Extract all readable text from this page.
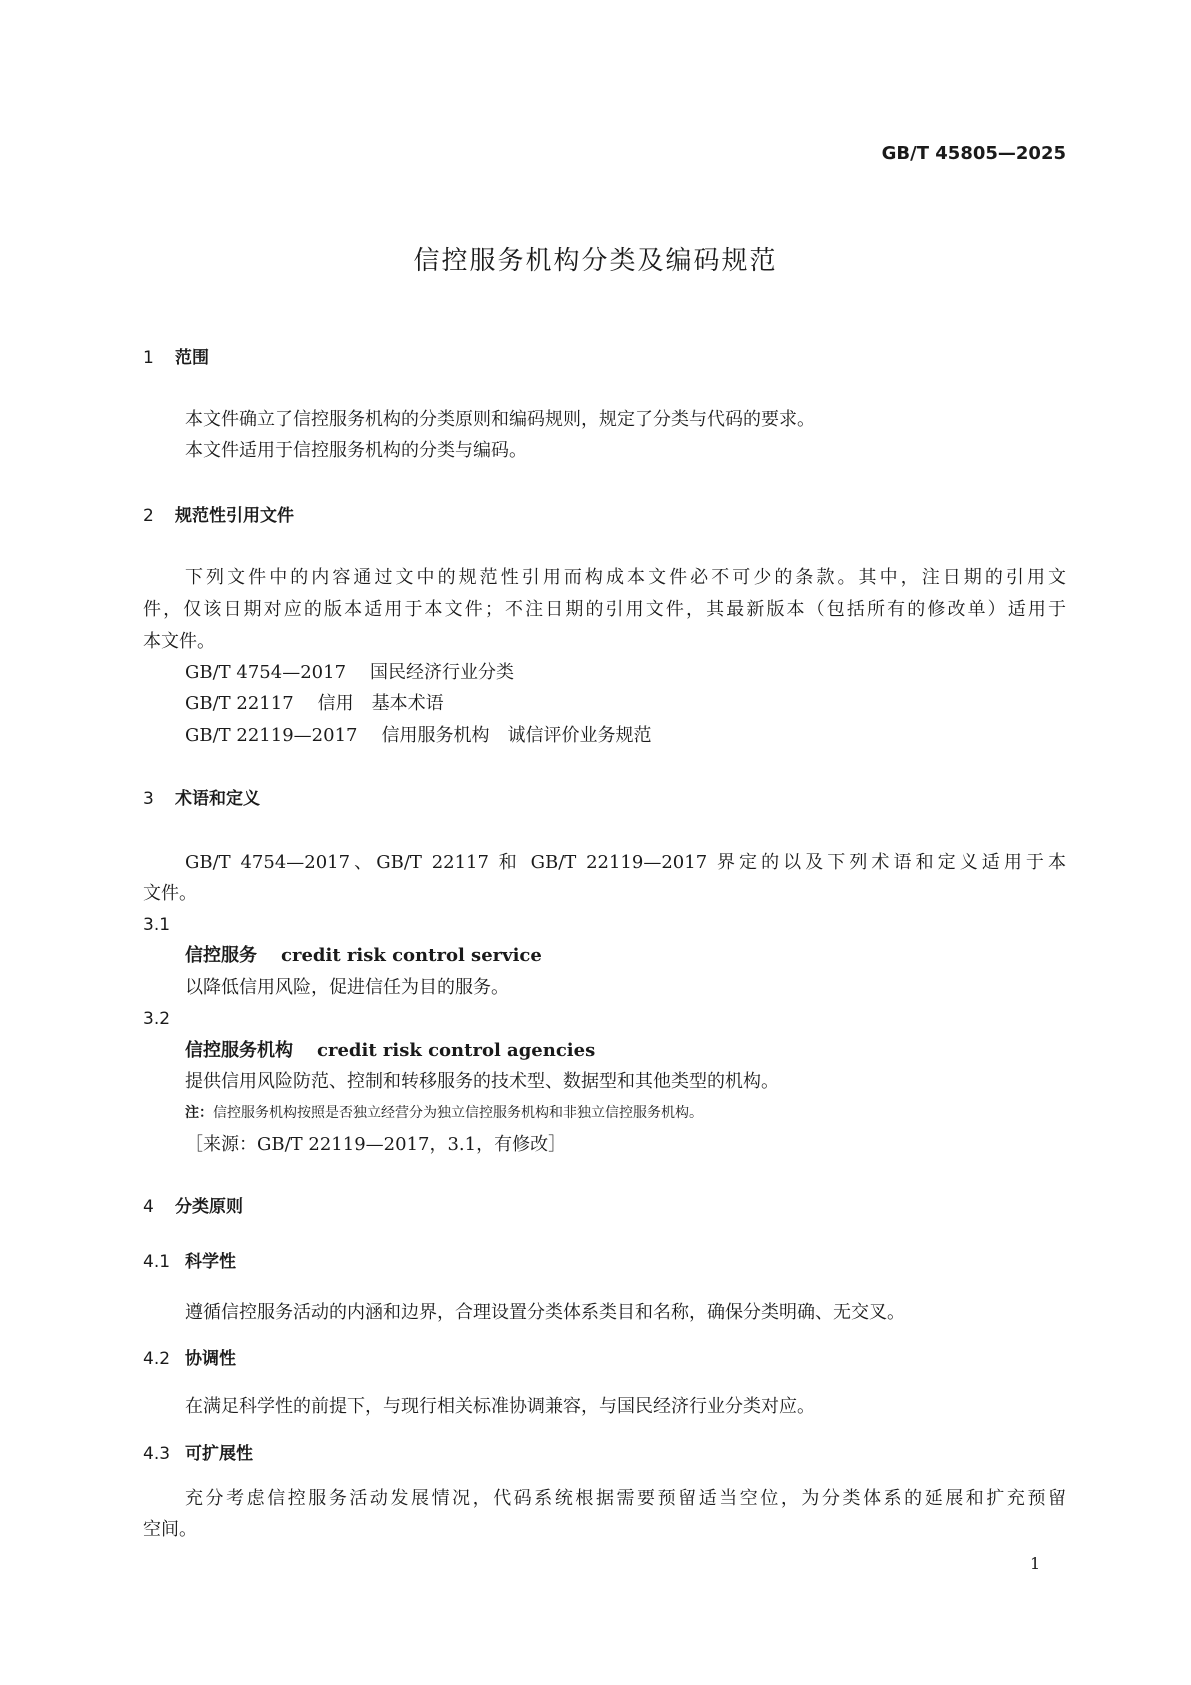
GB/T 45805—2025
信控服务机构分类及编码规范
1 范围
本文件确立了信控服务机构的分类原则和编码规则，规定了分类与代码的要求。
本文件适用于信控服务机构的分类与编码。
2 规范性引用文件
下列文件中的内容通过文中的规范性引用而构成本文件必不可少的条款。其中，注日期的引用文
件，仅该日期对应的版本适用于本文件；不注日期的引用文件，其最新版本（包括所有的修改单）适用于
本文件。
GB/T 4754—2017 国民经济行业分类
GB/T 22117 信用　基本术语
GB/T 22119—2017 信用服务机构　诚信评价业务规范
3 术语和定义
GB/T 4754—2017、GB/T 22117 和 GB/T 22119—2017 界定的以及下列术语和定义适用于本
文件。
3.1
信控服务 credit risk control service
以降低信用风险，促进信任为目的服务。
3.2
信控服务机构 credit risk control agencies
提供信用风险防范、控制和转移服务的技术型、数据型和其他类型的机构。
注：信控服务机构按照是否独立经营分为独立信控服务机构和非独立信控服务机构。
［来源：GB/T 22119—2017，3.1，有修改］
4 分类原则
4.1 科学性
遵循信控服务活动的内涵和边界，合理设置分类体系类目和名称，确保分类明确、无交叉。
4.2 协调性
在满足科学性的前提下，与现行相关标准协调兼容，与国民经济行业分类对应。
4.3 可扩展性
充分考虑信控服务活动发展情况，代码系统根据需要预留适当空位，为分类体系的延展和扩充预留
空间。
1
